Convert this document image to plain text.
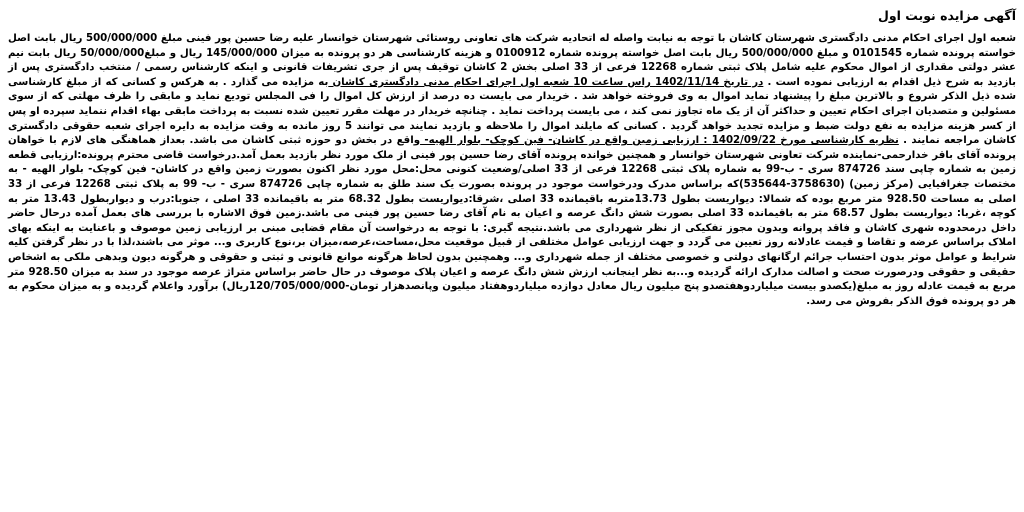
آگهی مزایده نوبت اول

شعبه اول اجرای احکام مدنی دادگستری شهرستان کاشان با توجه به نیابت واصله له اتحادیه شرکت های تعاونی روستائی شهرستان خوانسار علیه رضا حسین پور فینی مبلغ 500/000/000 ریال بابت اصل خواسته پرونده شماره 0101545 و مبلغ 500/000/000 ریال بابت اصل خواسته پرونده شماره 0100912 و هزینه کارشناسی هر دو پرونده به میزان 145/000/000 ریال و مبلغ50/000/000 ریال بابت نیم عشر دولتی مقداری از اموال محکوم علیه شامل پلاک ثبتی شماره 12268 فرعی از 33 اصلی بخش 2 کاشان توقیف پس از جری تشریفات قانونی و اینکه کارشناس رسمی / منتخب دادگستری پس از بازدید به شرح ذیل اقدام به ارزیابی نموده است . در تاریخ 1402/11/14 راس ساعت 10 شعبه اول اجرای احکام مدنی دادگستری کاشان به مزایده می گذارد . به هرکس و کسانی که از مبلغ کارشناسی شده ذیل الذکر شروع و بالاترین مبلغ را پیشنهاد نماید اموال به وی فروخته خواهد شد . خریدار می بایست ده درصد از ارزش کل اموال را فی المجلس تودیع نماید و مابقی را ظرف مهلتی که از سوی مسئولین و متصدیان اجرای احکام تعیین و حداکثر آن از یک ماه تجاوز نمی کند ، می بایست پرداخت نماید . چنانچه خریدار در مهلت مقرر تعیین شده نسبت به پرداخت مابقی بهاء اقدام ننماید سپرده او پس از کسر هزینه مزایده به نفع دولت ضبط و مزایده تجدید خواهد گردید . کسانی که مایلند اموال را ملاحظه و بازدید نمایند می توانند 5 روز مانده به وقت مزایده به دایره اجرای شعبه حقوقی دادگستری کاشان مراجعه نمایند . نظریه کارشناسی مورخ 1402/09/22 : ارزیابی زمین واقع در کاشان- فین کوچک- بلوار الهیه- واقع در بخش دو حوزه ثبتی کاشان می باشد. بعداز هماهنگی های لازم با خواهان پرونده آقای باقر خدارحمی-نماینده شرکت تعاونی شهرستان خوانسار و همچنین خوانده پرونده آقای رضا حسین پور فینی از ملک مورد نظر بازدید بعمل آمد.درخواست قاضی محترم پرونده:ارزیابی قطعه زمین به شماره چاپی سند 874726 سری - ب-99 به شماره پلاک ثبتی 12268 فرعی از 33 اصلی/وضعیت کنونی محل:محل مورد نظر اکنون بصورت زمین واقع در کاشان- فین کوچک- بلوار الهیه - به مختصات جغرافیایی (مرکز زمین) (3758630-535644)که براساس مدرک ودرخواست موجود در پرونده بصورت یک سند طلق به شماره چاپی 874726 سری - ب- 99 به پلاک ثبتی 12268 فرعی از 33 اصلی به مساحت 928.50 متر مربع بوده که شمالا: دیواریست بطول 13.73متربه باقیمانده 33 اصلی ،شرقا:دیواریست بطول 68.32 متر به باقیمانده 33 اصلی ، جنوبا:درب و دیواربطول 13.43 متر به کوچه ،غربا: دیواریست بطول 68.57 متر به باقیمانده 33 اصلی بصورت شش دانگ عرصه و اعیان به نام آقای رضا حسین پور فینی می باشد.زمین فوق الاشاره با بررسی های بعمل آمده درحال حاضر داخل درمحدوده شهری کاشان و فاقد پروانه وبدون مجوز تفکیکی از نظر شهرداری می باشد.نتیجه گیری: با توجه به درخواست آن مقام قضایی مبنی بر ارزیابی زمین موصوف و باعنایت به اینکه بهای املاک براساس عرضه و تقاضا و قیمت عادلانه روز تعیین می گردد و جهت ارزیابی عوامل مختلفی از قبیل موقعیت محل،مساحت،عرصه،میزان بر،نوع کاربری و... موثر می باشند،لذا با در نظر گرفتن کلیه شرایط و عوامل موثر بدون احتساب جرائم ارگانهای دولتی و خصوصی مختلف از جمله شهرداری و... وهمچنین بدون لحاظ هرگونه موانع قانونی و ثبتی و حقوقی و هرگونه دیون وبدهی ملکی به اشخاص حقیقی و حقوقی ودرصورت صحت و اصالت مدارک ارائه گردیده و...به نظر اینجانب ارزش شش دانگ عرصه و اعیان پلاک موصوف در حال حاضر براساس متراژ عرصه موجود در سند به میزان 928.50 متر مربع به قیمت عادله روز به مبلغ(یکصدو بیست میلیاردوهفتصدو پنج میلیون ریال معادل دوازده میلیاردوهفتاد میلیون وپانصدهزار تومان-120/705/000/000ریال) برآورد واعلام گردیده و به میزان محکوم به هر دو پرونده فوق الذکر بفروش می رسد.
